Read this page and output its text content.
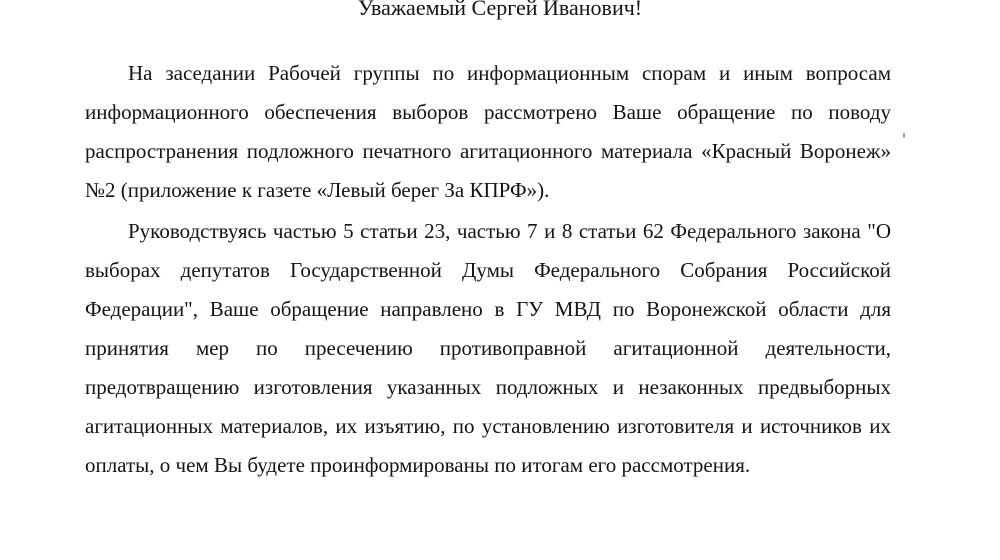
Уважаемый Сергей Иванович!

На заседании Рабочей группы по информационным спорам и иным вопросам информационного обеспечения выборов рассмотрено Ваше обращение по поводу распространения подложного печатного агитационного материала «Красный Воронеж» №2 (приложение к газете «Левый берег За КПРФ»).

Руководствуясь частью 5 статьи 23, частью 7 и 8 статьи 62 Федерального закона "О выборах депутатов Государственной Думы Федерального Собрания Российской Федерации", Ваше обращение направлено в ГУ МВД по Воронежской области для принятия мер по пресечению противоправной агитационной деятельности, предотвращению изготовления указанных подложных и незаконных предвыборных агитационных материалов, их изъятию, по установлению изготовителя и источников их оплаты, о чем Вы будете проинформированы по итогам его рассмотрения.
